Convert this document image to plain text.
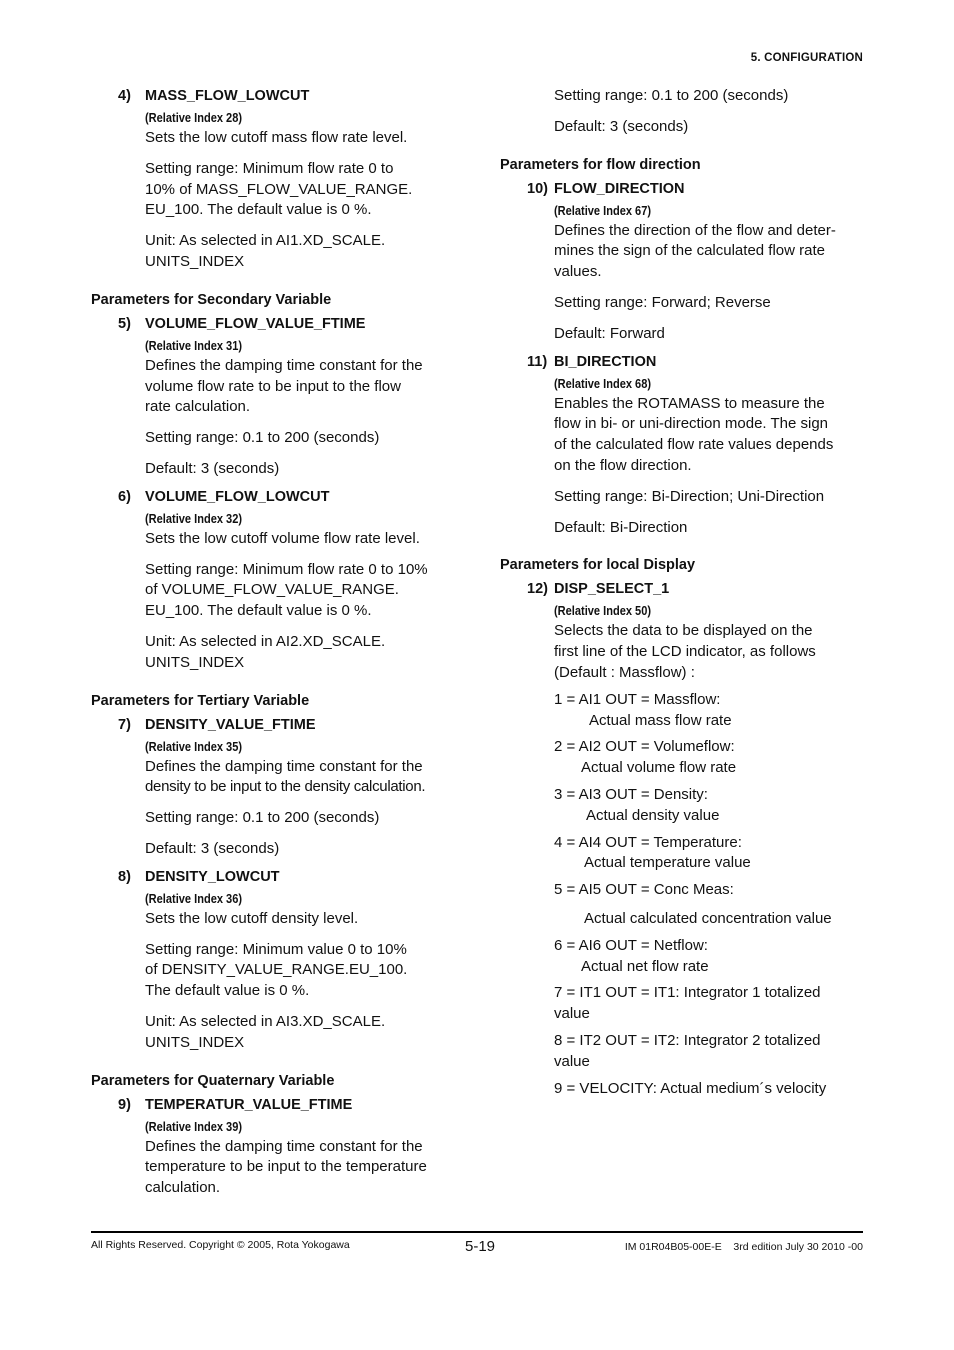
5. CONFIGURATION
4) MASS_FLOW_LOWCUT
(Relative Index 28)

Sets the low cutoff mass flow rate level.

Setting range: Minimum flow rate 0 to
10% of MASS_FLOW_VALUE_RANGE.
EU_100. The default value is 0 %.

Unit: As selected in AI1.XD_SCALE.
UNITS_INDEX

Parameters for Secondary Variable
5) VOLUME_FLOW_VALUE_FTIME
(Relative Index 31)

Defines the damping time constant for the
volume flow rate to be input to the flow
rate calculation.

Setting range: 0.1 to 200 (seconds)

Default: 3 (seconds)

6) VOLUME_FLOW_LOWCUT
(Relative Index 32)

Sets the low cutoff volume flow rate level.

Setting range: Minimum flow rate 0 to 10%
of VOLUME_FLOW_VALUE_RANGE.
EU_100. The default value is 0 %.

Unit: As selected in AI2.XD_SCALE.
UNITS_INDEX

Parameters for Tertiary Variable
7) DENSITY_VALUE_FTIME
(Relative Index 35)

Defines the damping time constant for the
density to be input to the density calculation.

Setting range: 0.1 to 200 (seconds)

Default: 3 (seconds)

8) DENSITY_LOWCUT
(Relative Index 36)

Sets the low cutoff density level.

Setting range: Minimum value 0 to 10%
of DENSITY_VALUE_RANGE.EU_100.
The default value is 0 %.

Unit: As selected in AI3.XD_SCALE.
UNITS_INDEX

Parameters for Quaternary Variable
9) TEMPERATUR_VALUE_FTIME
(Relative Index 39)

Defines the damping time constant for the
temperature to be input to the temperature
calculation.

Setting range: 0.1 to 200 (seconds)

Default: 3 (seconds)

Parameters for flow direction
10) FLOW_DIRECTION
(Relative Index 67)

Defines the direction of the flow and deter-
mines the sign of the calculated flow rate
values.

Setting range: Forward; Reverse

Default: Forward

11) BI_DIRECTION
(Relative Index 68)

Enables the ROTAMASS to measure the
flow in bi- or uni-direction mode. The sign
of the calculated flow rate values depends
on the flow direction.

Setting range: Bi-Direction; Uni-Direction

Default: Bi-Direction

Parameters for local Display
12) DISP_SELECT_1
(Relative Index 50)

Selects the data to be displayed on the
first line of the LCD indicator, as follows
(Default : Massflow) :

1 = AI1 OUT = Massflow:
Actual mass flow rate

2 = AI2 OUT = Volumeflow:
Actual volume flow rate

3 = AI3 OUT = Density:
Actual density value

4 = AI4 OUT = Temperature:
Actual temperature value

5 = AI5 OUT = Conc Meas:

Actual calculated concentration value

6 = AI6 OUT = Netflow:
Actual net flow rate

7 = IT1 OUT = IT1: Integrator 1 totalized
value

8 = IT2 OUT = IT2: Integrator 2 totalized
value

9 = VELOCITY: Actual medium´s velocity

All Rights Reserved. Copyright © 2005, Rota Yokogawa	5-19	IM 01R04B05-00E-E    3rd edition July 30 2010 -00
